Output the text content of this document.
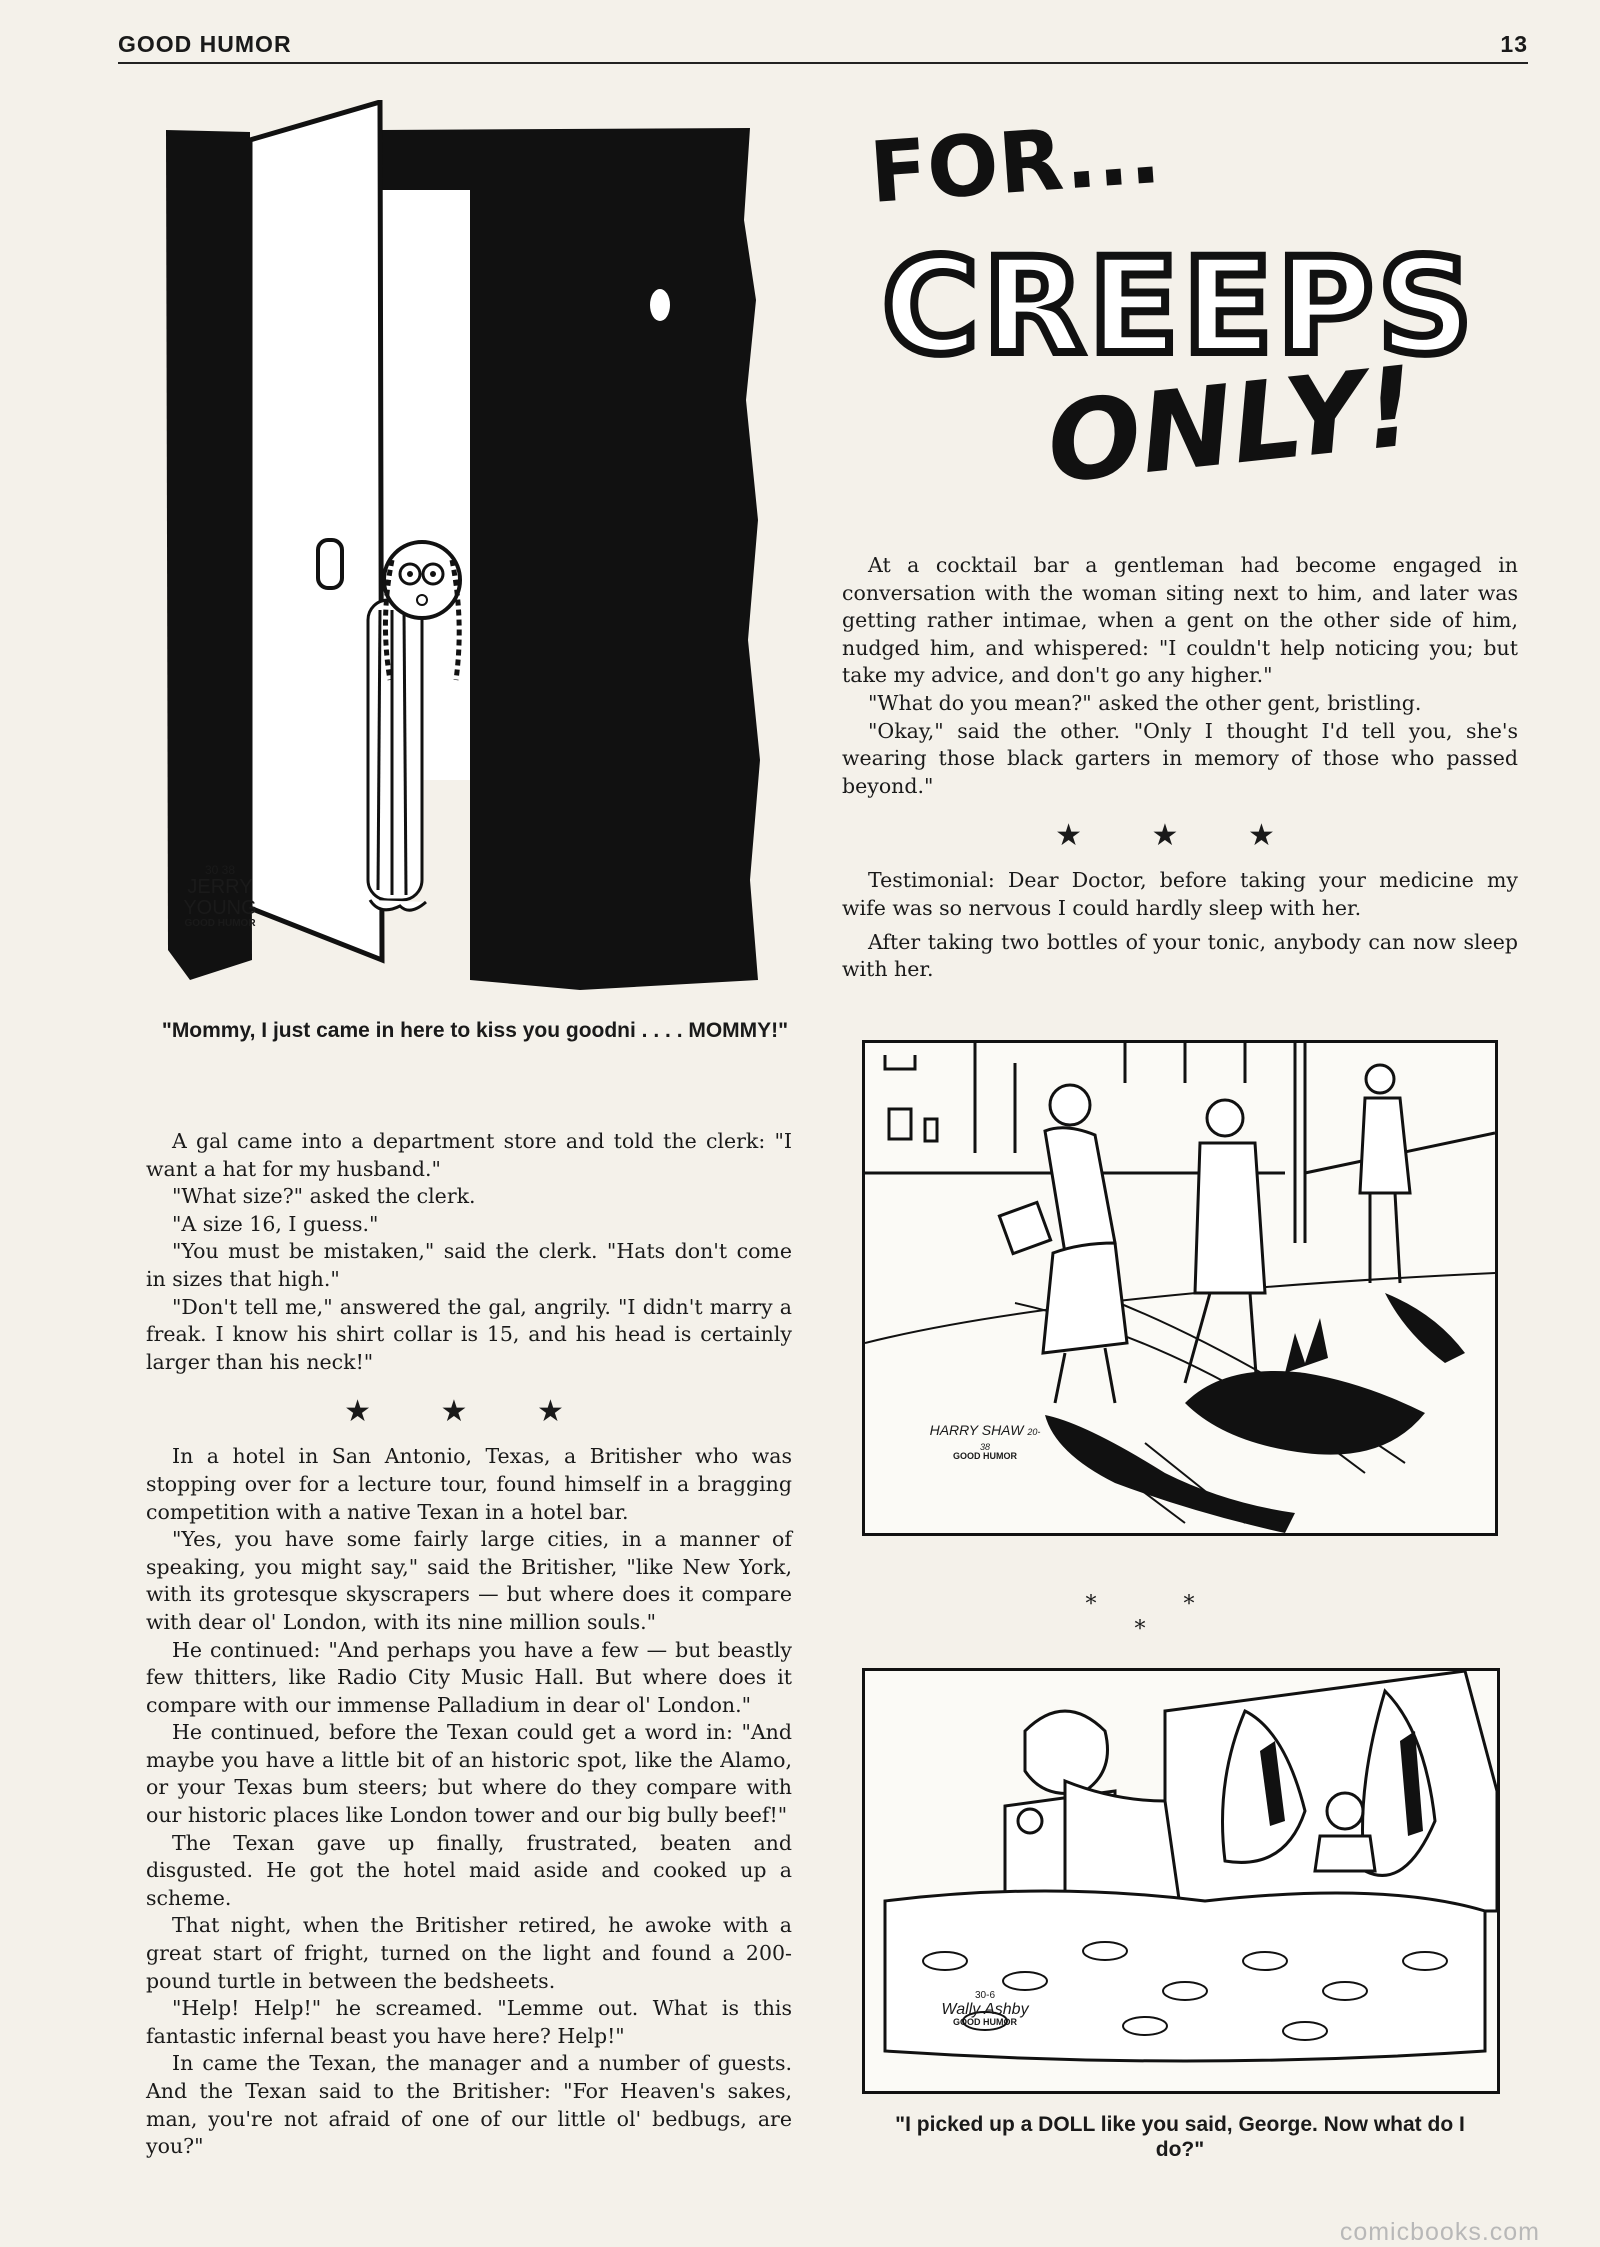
GOOD HUMOR	13
30 38
JERRY
YOUNG
GOOD HUMOR
"Mommy, I just came in here to kiss you goodni . . . . MOMMY!"
FOR...
CREEPS
ONLY!

At a cocktail bar a gentleman had become engaged in conversation with the woman siting next to him, and later was getting rather intimae, when a gent on the other side of him, nudged him, and whispered: "I couldn't help noticing you; but take my advice, and don't go any higher."

"What do you mean?" asked the other gent, bristling.

"Okay," said the other. "Only I thought I'd tell you, she's wearing those black garters in memory of those who passed beyond."

★ ★ ★

Testimonial: Dear Doctor, before taking your medicine my wife was so nervous I could hardly sleep with her.

After taking two bottles of your tonic, anybody can now sleep with her.

A gal came into a department store and told the clerk: "I want a hat for my husband."

"What size?" asked the clerk.

"A size 16, I guess."

"You must be mistaken," said the clerk. "Hats don't come in sizes that high."

"Don't tell me," answered the gal, angrily. "I didn't marry a freak. I know his shirt collar is 15, and his head is certainly larger than his neck!"

★ ★ ★

In a hotel in San Antonio, Texas, a Britisher who was stopping over for a lecture tour, found himself in a bragging competition with a native Texan in a hotel bar.

"Yes, you have some fairly large cities, in a manner of speaking, you might say," said the Britisher, "like New York, with its grotesque skyscrapers — but where does it compare with dear ol' London, with its nine million souls."

He continued: "And perhaps you have a few — but beastly few thitters, like Radio City Music Hall. But where does it compare with our immense Palladium in dear ol' London."

He continued, before the Texan could get a word in: "And maybe you have a little bit of an historic spot, like the Alamo, or your Texas bum steers; but where do they compare with our historic places like London tower and our big bully beef!"

The Texan gave up finally, frustrated, beaten and disgusted. He got the hotel maid aside and cooked up a scheme.

That night, when the Britisher retired, he awoke with a great start of fright, turned on the light and found a 200-pound turtle in between the bedsheets.

"Help! Help!" he screamed. "Lemme out. What is this fantastic infernal beast you have here? Help!"

In came the Texan, the manager and a number of guests. And the Texan said to the Britisher: "For Heaven's sakes, man, you're not afraid of one of our little ol' bedbugs, are you?"

HARRY SHAW 20-38
GOOD HUMOR
* * *
30-6
Wally Ashby
GOOD HUMOR
"I picked up a DOLL like you said, George. Now what do I do?"
comicbooks.com
